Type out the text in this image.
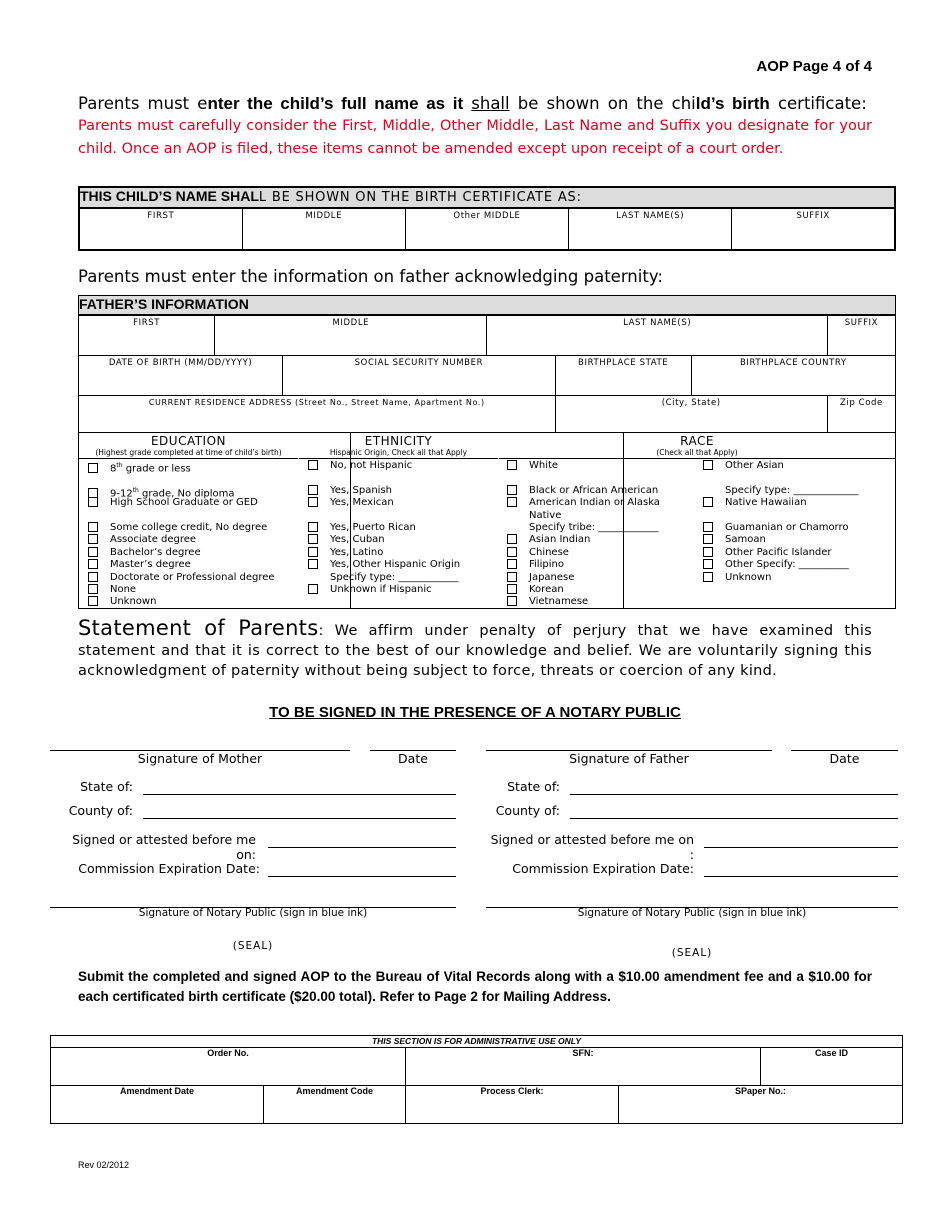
AOP Page 4 of 4
Parents must enter the child’s full name as it shall be shown on the child’s birth certificate:  Parents must carefully consider the First, Middle, Other Middle, Last Name and Suffix you designate for your child. Once an AOP is filed, these items cannot be amended except upon receipt of a court order.
THIS CHILD’S NAME SHALL BE SHOWN ON THE BIRTH CERTIFICATE AS:

FIRST	MIDDLE	Other MIDDLE	LAST NAME(S)	SUFFIX
Parents must enter the information on father acknowledging paternity:
FATHER’S INFORMATION								

FIRST	MIDDLE			LAST NAME(S)				SUFFIX

DATE OF BIRTH (MM/DD/YYYY)		SOCIAL SECURITY NUMBER			BIRTHPLACE STATE		BIRTHPLACE COUNTRY	

CURRENT RESIDENCE ADDRESS (Street No., Street Name, Apartment No.)					(City, State)			Zip Code

EDUCATION
(Highest grade completed at time of child’s birth)
ETHNICITY
Hispanic Origin, Check all that Apply
RACE
(Check all that Apply)
8th grade or less
9-12th grade, No diploma
High School Graduate or GED
Some college credit, No degree
Associate degree
Bachelor’s degree
Master’s degree
Doctorate or Professional degree
None
Unknown
No, not Hispanic
Yes, Spanish
Yes, Mexican
Yes, Puerto Rican
Yes, Cuban
Yes, Latino
Yes, Other Hispanic Origin
Specify type: ____________
Unknown if Hispanic
White
Black or African American
American Indian or Alaska
Native
Specify tribe: ____________
Asian Indian
Chinese
Filipino
Japanese
Korean
Vietnamese
Other Asian
Specify type: _____________
Native Hawaiian
Guamanian or Chamorro
Samoan
Other Pacific Islander
Other Specify: __________
Unknown
Statement of Parents: We affirm under penalty of perjury that we have examined this statement and that it is correct to the best of our knowledge and belief. We are voluntarily signing this acknowledgment of paternity without being subject to force, threats or coercion of any kind.
TO BE SIGNED IN THE PRESENCE OF A NOTARY PUBLIC
Signature of Mother	Date
State of:
County of:
Signed or attested before me on:
Commission Expiration Date:
Signature of Notary Public (sign in blue ink)
(SEAL)
Signature of Father	Date
State of:
County of:
Signed or attested before me on :
Commission Expiration Date:
Signature of Notary Public (sign in blue ink)
(SEAL)
Submit the completed and signed AOP to the Bureau of Vital Records along with a $10.00 amendment fee and a $10.00 for each certificated birth certificate ($20.00 total). Refer to Page 2 for Mailing Address.
THIS SECTION IS FOR ADMINISTRATIVE USE ONLY				
Order No.		SFN:		Case ID
Amendment Date	Amendment Code	Process Clerk:	SPaper No.:	
Rev 02/2012
